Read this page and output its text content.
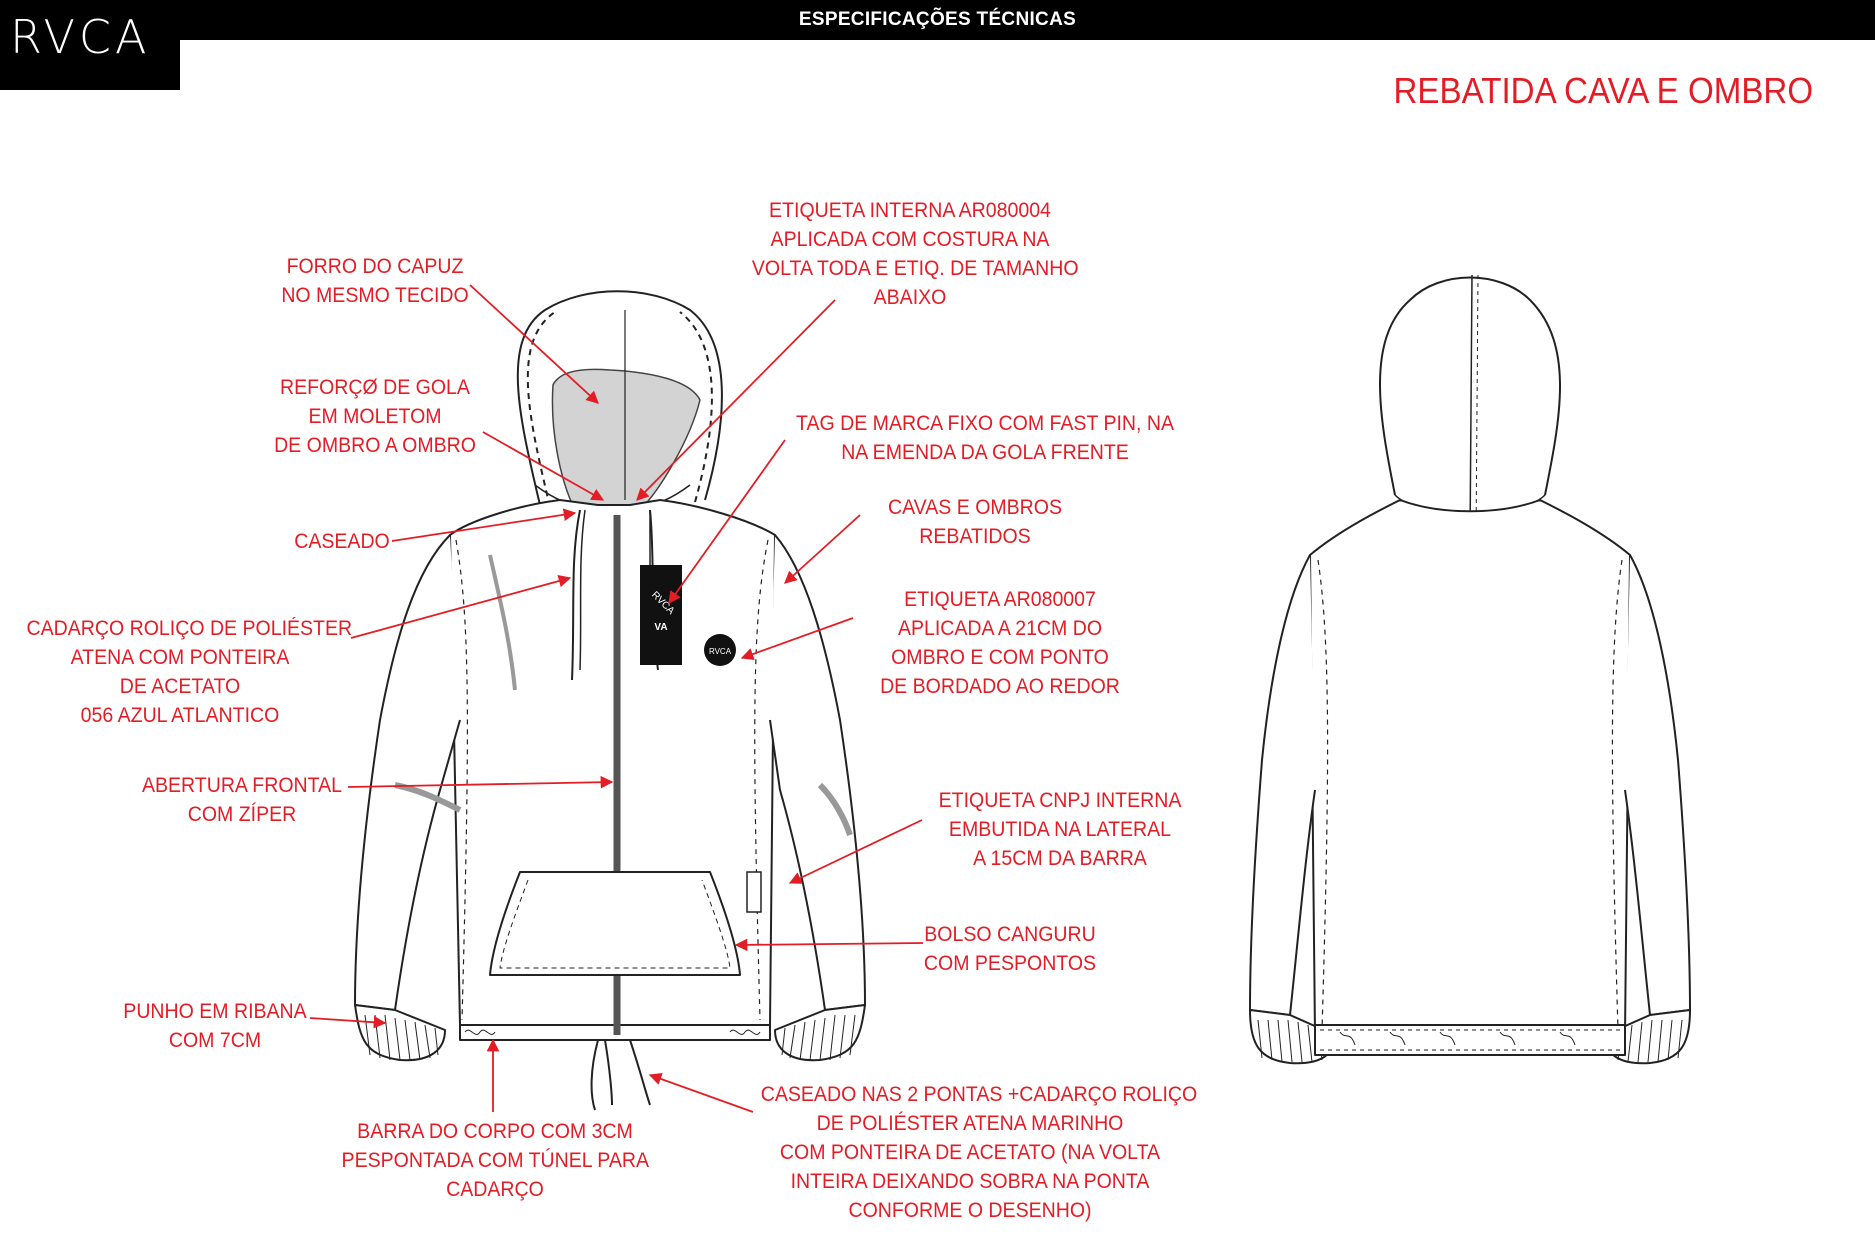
ESPECIFICAÇÕES TÉCNICAS
RVCA
REBATIDA CAVA E OMBRO
RVCA
VA
RVCA
FORRO DO CAPUZ
NO MESMO TECIDO
ETIQUETA INTERNA AR080004
APLICADA COM COSTURA NA
VOLTA TODA E ETIQ. DE TAMANHO
ABAIXO
REFORÇØ DE GOLA
EM MOLETOM
DE OMBRO A OMBRO
TAG DE MARCA FIXO COM FAST PIN, NA
NA EMENDA DA GOLA FRENTE
CASEADO
CAVAS E OMBROS
REBATIDOS
CADARÇO ROLIÇO DE POLIÉSTER
ATENA COM PONTEIRA
DE ACETATO
056 AZUL ATLANTICO
ETIQUETA AR080007
APLICADA A 21CM DO
OMBRO E COM PONTO
DE BORDADO AO REDOR
ABERTURA FRONTAL
COM ZÍPER
ETIQUETA CNPJ INTERNA
EMBUTIDA NA LATERAL
A 15CM DA BARRA
BOLSO CANGURU
COM PESPONTOS
PUNHO EM RIBANA
COM 7CM
BARRA DO CORPO COM 3CM
PESPONTADA COM TÚNEL PARA
CADARÇO
CASEADO NAS 2 PONTAS +CADARÇO ROLIÇO
DE POLIÉSTER ATENA MARINHO
COM PONTEIRA DE ACETATO (NA VOLTA
INTEIRA DEIXANDO SOBRA NA PONTA
CONFORME O DESENHO)
